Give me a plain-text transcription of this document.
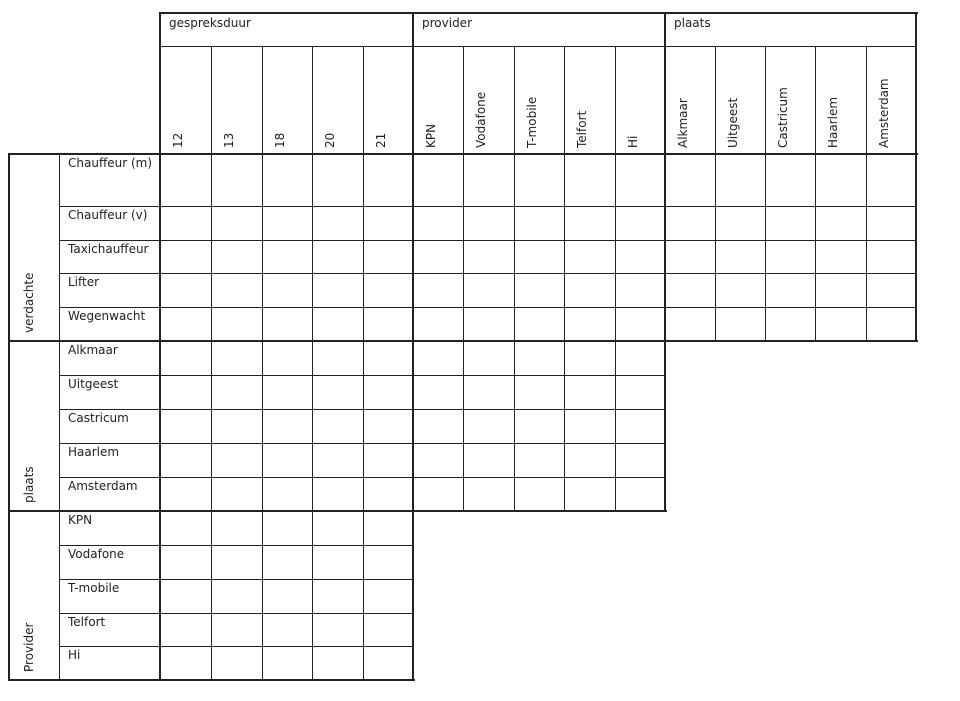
gespreksduur
12	13	18	20	21
provider
KPN	Vodafone	T-mobile	Telfort	Hi
plaats
Alkmaar	Uitgeest	Castricum	Haarlem	Amsterdam
verdachte
Chauffeur (m)
Chauffeur (v)
Taxichauffeur
Lifter
Wegenwacht
plaats
Alkmaar
Uitgeest
Castricum
Haarlem
Amsterdam
Provider
KPN
Vodafone
T-mobile
Telfort
Hi
